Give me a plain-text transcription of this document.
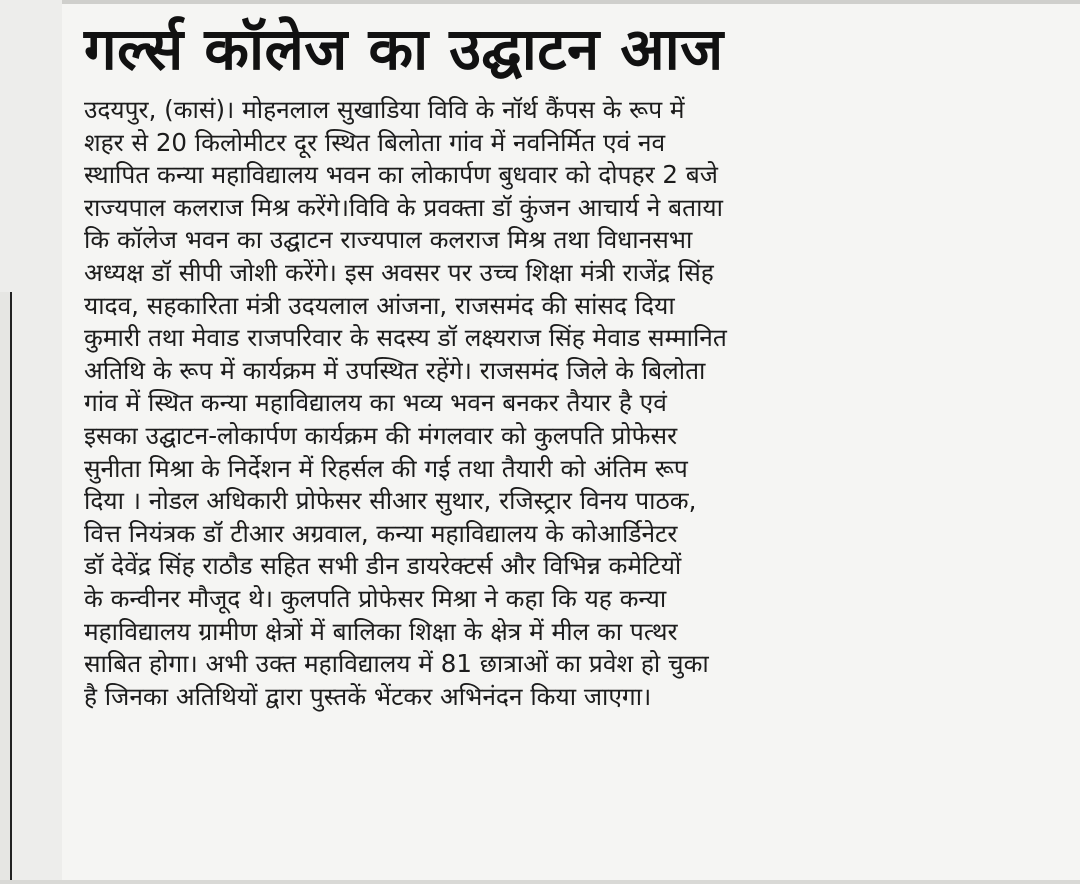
गर्ल्स कॉलेज का उद्घाटन आज
उदयपुर, (कासं)। मोहनलाल सुखाडिया विवि के नॉर्थ कैंपस के रूप में
शहर से 20 किलोमीटर दूर स्थित बिलोता गांव में नवनिर्मित एवं नव
स्थापित कन्या महाविद्यालय भवन का लोकार्पण बुधवार को दोपहर 2 बजे
राज्यपाल कलराज मिश्र करेंगे।विवि के प्रवक्ता डॉ कुंजन आचार्य ने बताया
कि कॉलेज भवन का उद्घाटन राज्यपाल कलराज मिश्र तथा विधानसभा
अध्यक्ष डॉ सीपी जोशी करेंगे। इस अवसर पर उच्च शिक्षा मंत्री राजेंद्र सिंह
यादव, सहकारिता मंत्री उदयलाल आंजना, राजसमंद की सांसद दिया
कुमारी तथा मेवाड राजपरिवार के सदस्य डॉ लक्ष्यराज सिंह मेवाड सम्मानित
अतिथि के रूप में कार्यक्रम में उपस्थित रहेंगे। राजसमंद जिले के बिलोता
गांव में स्थित कन्या महाविद्यालय का भव्य भवन बनकर तैयार है एवं
इसका उद्घाटन-लोकार्पण कार्यक्रम की मंगलवार को कुलपति प्रोफेसर
सुनीता मिश्रा के निर्देशन में रिहर्सल की गई तथा तैयारी को अंतिम रूप
दिया । नोडल अधिकारी प्रोफेसर सीआर सुथार, रजिस्ट्रार विनय पाठक,
वित्त नियंत्रक डॉ टीआर अग्रवाल, कन्या महाविद्यालय के कोआर्डिनेटर
डॉ देवेंद्र सिंह राठौड सहित सभी डीन डायरेक्टर्स और विभिन्न कमेटियों
के कन्वीनर मौजूद थे। कुलपति प्रोफेसर मिश्रा ने कहा कि यह कन्या
महाविद्यालय ग्रामीण क्षेत्रों में बालिका शिक्षा के क्षेत्र में मील का पत्थर
साबित होगा। अभी उक्त महाविद्यालय में 81 छात्राओं का प्रवेश हो चुका
है जिनका अतिथियों द्वारा पुस्तकें भेंटकर अभिनंदन किया जाएगा।
